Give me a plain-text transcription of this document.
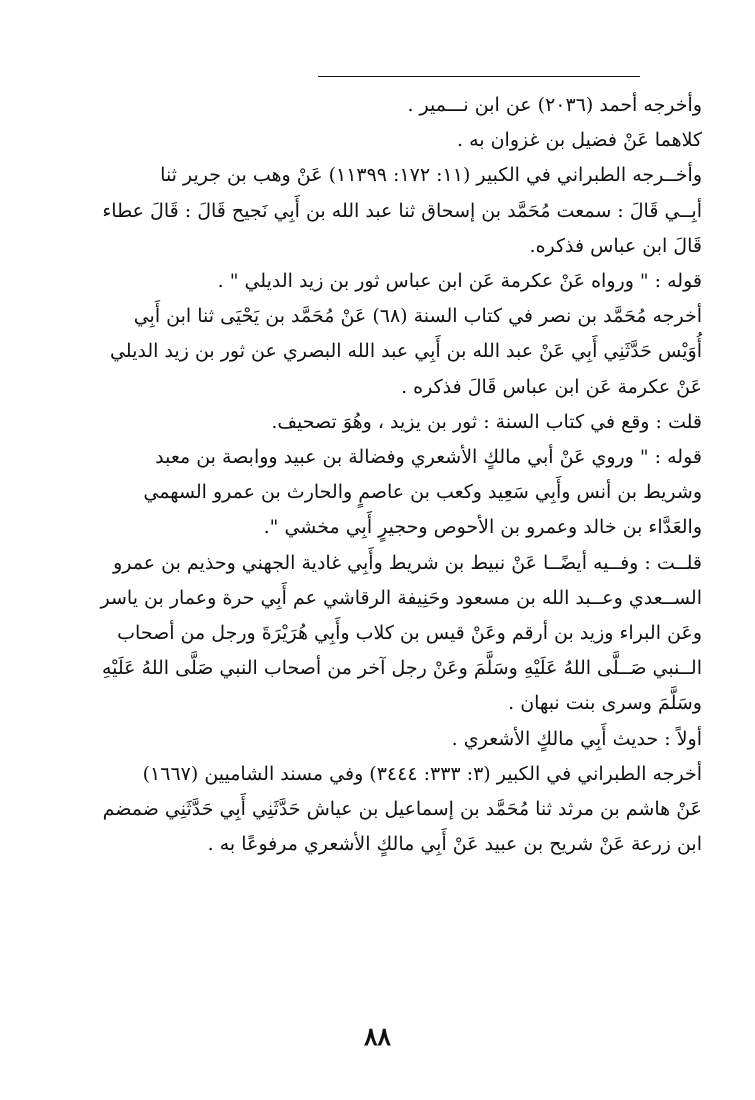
وأخرجه أحمد (٢٠٣٦) عن ابن نـــمير .

كلاهما عَنْ فضيل بن غزوان به .

وأخــرجه الطبراني في الكبير (١١: ١٧٢: ١١٣٩٩) عَنْ وهب بن جرير ثنا

أبِــي قَالَ : سمعت مُحَمَّد بن إسحاق ثنا عبد الله بن أَبِي نَجيح قَالَ : قَالَ عطاء

قَالَ ابن عباس فذكره.

قوله : " ورواه عَنْ عكرمة عَن ابن عباس ثور بن زيد الديلي " .

أخرجه مُحَمَّد بن نصر في كتاب السنة (٦٨) عَنْ مُحَمَّد بن يَحْيَى ثنا ابن أَبِي

أُوَيْس حَدَّثَنِي أَبِي عَنْ عبد الله بن أَبِي عبد الله البصري عن ثور بن زيد الديلي

عَنْ عكرمة عَن ابن عباس قَالَ فذكره .

قلت : وقع في كتاب السنة : ثور بن يزيد ، وهُوَ تصحيف.

قوله : " وروي عَنْ أبي مالكٍ الأشعري وفضالة بن عبيد ووابصة بن معبد

وشريط بن أنس وأَبِي سَعِيد وكعب بن عاصمٍ والحارث بن عمرو السهمي

والعَدَّاء بن خالد وعمرو بن الأحوص وحجيرٍ أَبِي مخشي ".

قلــت : وفــيه أيضًــا عَنْ نبيط بن شريط وأَبِي غادية الجهني وحذيم بن عمرو

الســعدي وعــبد الله بن مسعود وحَنِيفة الرقاشي عم أَبِي حرة وعمار بن ياسر

وعَن البراء وزيد بن أرقم وعَنْ قيس بن كلاب وأَبِي هُرَيْرَةَ ورجل من أصحاب

الــنبي صَــلَّى اللهُ عَلَيْهِ وسَلَّمَ وعَنْ رجل آخر من أصحاب النبي صَلَّى اللهُ عَلَيْهِ

وسَلَّمَ وسرى بنت نبهان .

أولاً : حديث أَبِي مالكٍ الأشعري .

أخرجه الطبراني في الكبير (٣: ٣٣٣: ٣٤٤٤) وفي مسند الشاميين (١٦٦٧)

عَنْ هاشم بن مرثد ثنا مُحَمَّد بن إسماعيل بن عياش حَدَّثَنِي أَبِي حَدَّثَنِي ضمضم

ابن زرعة عَنْ شريح بن عبيد عَنْ أَبِي مالكٍ الأشعري مرفوعًا به .

٨٨
